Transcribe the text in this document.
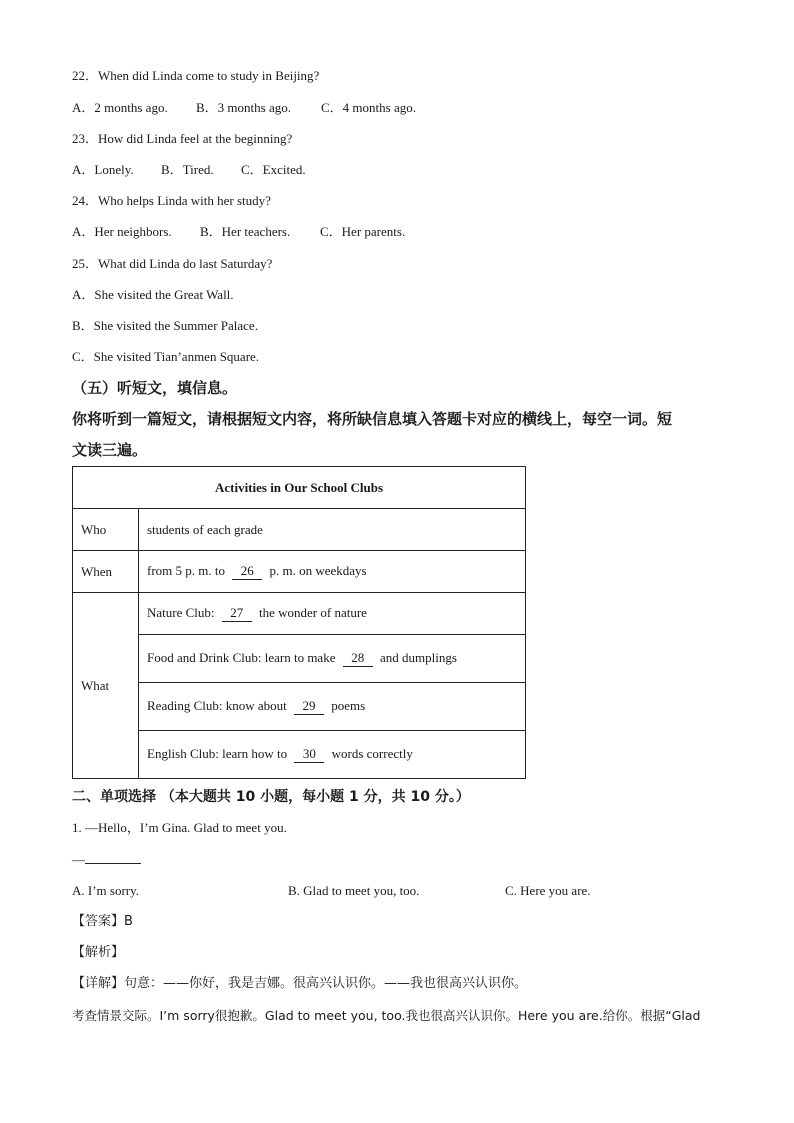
22．When did Linda come to study in Beijing?
A．2 months ago. B．3 months ago. C．4 months ago.
23．How did Linda feel at the beginning?
A．Lonely. B．Tired. C．Excited.
24．Who helps Linda with her study?
A．Her neighbors. B．Her teachers. C．Her parents.
25．What did Linda do last Saturday?
A．She visited the Great Wall.
B．She visited the Summer Palace.
C．She visited Tian’anmen Square.
（五）听短文，填信息。
你将听到一篇短文，请根据短文内容，将所缺信息填入答题卡对应的横线上，每空一词。短
文读三遍。
Activities in Our School Clubs	
Who	students of each grade
When	from 5 p. m. to 26 p. m. on weekdays
What	Nature Club: 27 the wonder of nature
	Food and Drink Club: learn to make 28 and dumplings
	Reading Club: know about 29 poems
	English Club: learn how to 30 words correctly
二、单项选择 （本大题共 10 小题，每小题 1 分，共 10 分。）
1. —Hello，I’m Gina. Glad to meet you.
—
A. I’m sorry.	B. Glad to meet you, too.	C. Here you are.
【答案】B
【解析】
【详解】句意：——你好，我是吉娜。很高兴认识你。——我也很高兴认识你。
考查情景交际。I’m sorry很抱歉。Glad to meet you, too.我也很高兴认识你。Here you are.给你。根据“Glad
